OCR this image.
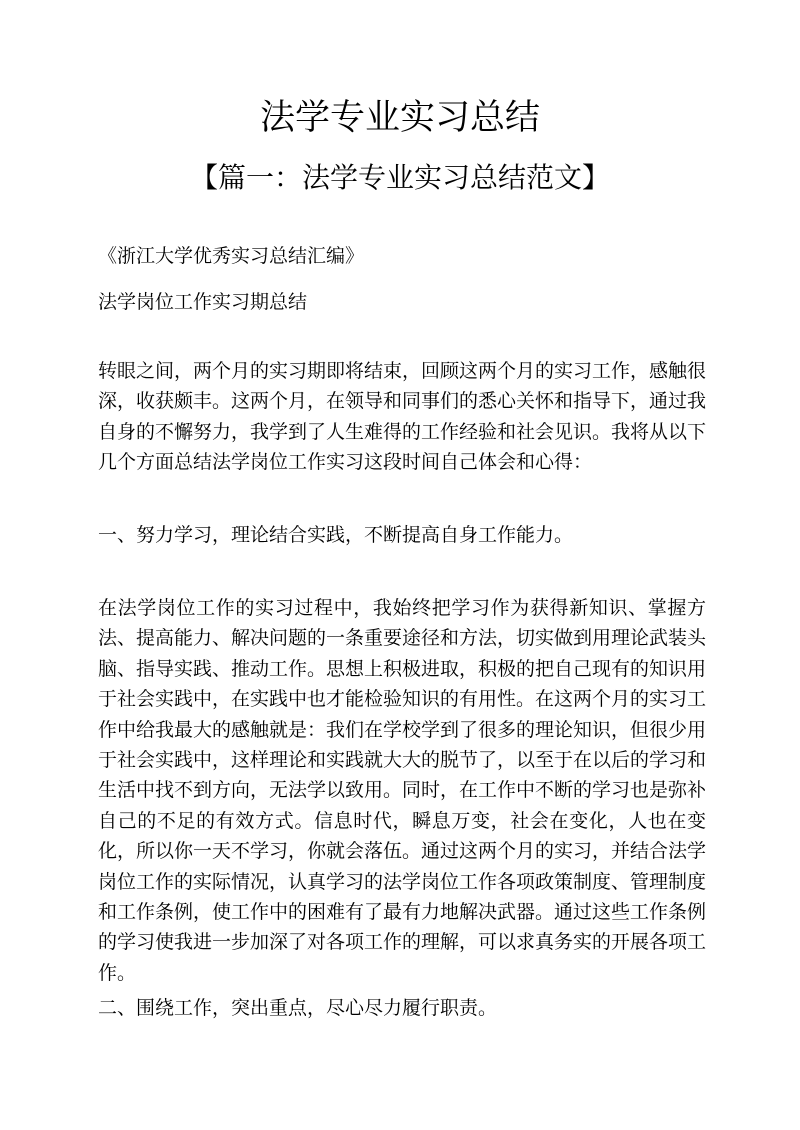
法学专业实习总结
【篇一：法学专业实习总结范文】
《浙江大学优秀实习总结汇编》
法学岗位工作实习期总结
转眼之间，两个月的实习期即将结束，回顾这两个月的实习工作，感触很深，收获颇丰。这两个月，在领导和同事们的悉心关怀和指导下，通过我自身的不懈努力，我学到了人生难得的工作经验和社会见识。我将从以下几个方面总结法学岗位工作实习这段时间自己体会和心得：
一、努力学习，理论结合实践，不断提高自身工作能力。
在法学岗位工作的实习过程中，我始终把学习作为获得新知识、掌握方法、提高能力、解决问题的一条重要途径和方法，切实做到用理论武装头脑、指导实践、推动工作。思想上积极进取，积极的把自己现有的知识用于社会实践中，在实践中也才能检验知识的有用性。在这两个月的实习工作中给我最大的感触就是：我们在学校学到了很多的理论知识，但很少用于社会实践中，这样理论和实践就大大的脱节了，以至于在以后的学习和生活中找不到方向，无法学以致用。同时，在工作中不断的学习也是弥补自己的不足的有效方式。信息时代，瞬息万变，社会在变化，人也在变化，所以你一天不学习，你就会落伍。通过这两个月的实习，并结合法学岗位工作的实际情况，认真学习的法学岗位工作各项政策制度、管理制度和工作条例，使工作中的困难有了最有力地解决武器。通过这些工作条例的学习使我进一步加深了对各项工作的理解，可以求真务实的开展各项工作。
二、围绕工作，突出重点，尽心尽力履行职责。
